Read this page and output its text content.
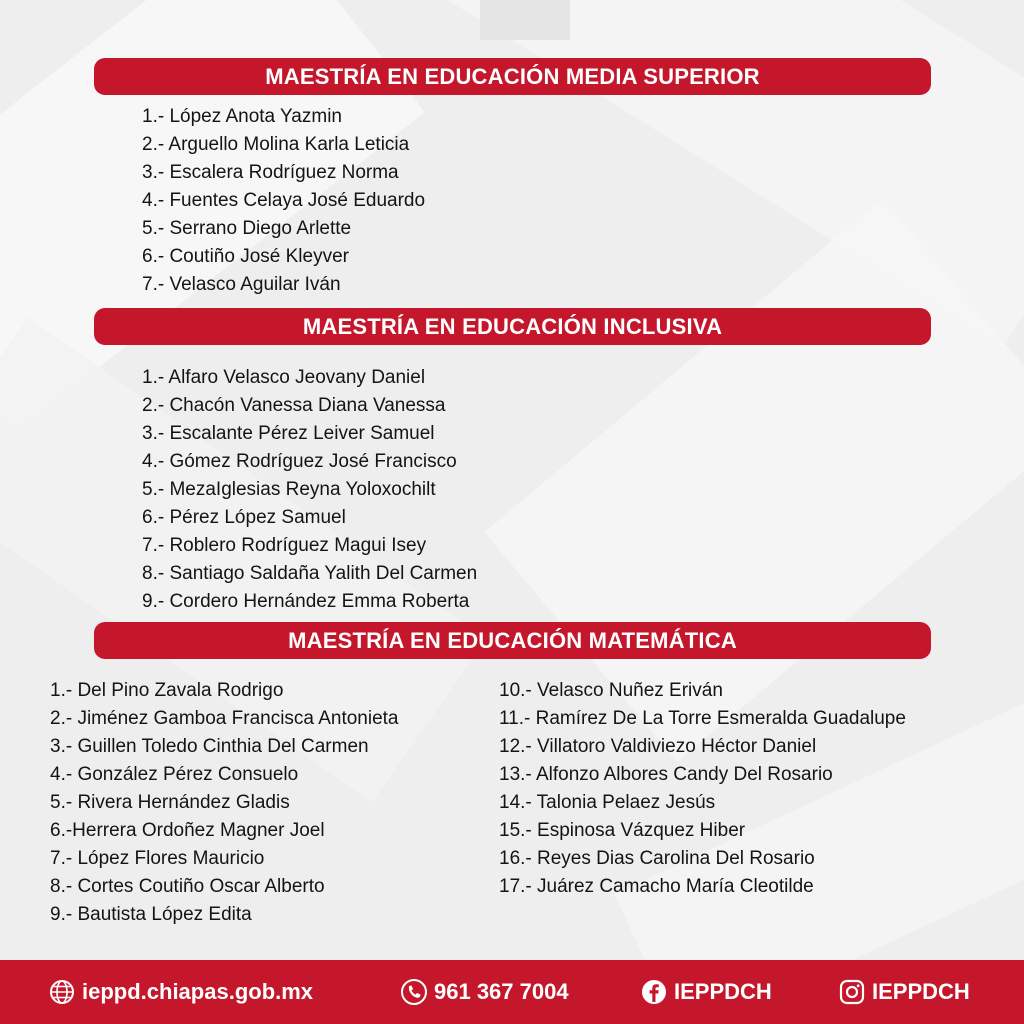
MAESTRÍA EN EDUCACIÓN MEDIA SUPERIOR
1.- López Anota Yazmin
2.- Arguello Molina Karla Leticia
3.- Escalera Rodríguez Norma
4.- Fuentes Celaya José Eduardo
5.- Serrano Diego Arlette
6.- Coutiño José Kleyver
7.- Velasco Aguilar Iván
MAESTRÍA EN EDUCACIÓN INCLUSIVA
1.- Alfaro Velasco Jeovany Daniel
2.- Chacón Vanessa Diana Vanessa
3.- Escalante Pérez Leiver Samuel
4.- Gómez Rodríguez José Francisco
5.- MezaIglesias Reyna Yoloxochilt
6.- Pérez López Samuel
7.- Roblero Rodríguez Magui Isey
8.- Santiago Saldaña Yalith Del Carmen
9.- Cordero Hernández Emma Roberta
MAESTRÍA EN EDUCACIÓN MATEMÁTICA
1.- Del Pino Zavala Rodrigo
2.- Jiménez Gamboa Francisca Antonieta
3.- Guillen Toledo Cinthia Del Carmen
4.- González Pérez Consuelo
5.- Rivera Hernández Gladis
6.-Herrera Ordoñez Magner Joel
7.- López Flores Mauricio
8.- Cortes Coutiño Oscar Alberto
9.- Bautista López Edita
10.- Velasco Nuñez Eriván
11.- Ramírez De La Torre Esmeralda Guadalupe
12.- Villatoro Valdiviezo Héctor Daniel
13.- Alfonzo Albores Candy Del Rosario
14.- Talonia Pelaez Jesús
15.- Espinosa Vázquez Hiber
16.- Reyes Dias Carolina Del Rosario
17.- Juárez Camacho María Cleotilde
ieppd.chiapas.gob.mx	961 367 7004	IEPPDCH	IEPPDCH
